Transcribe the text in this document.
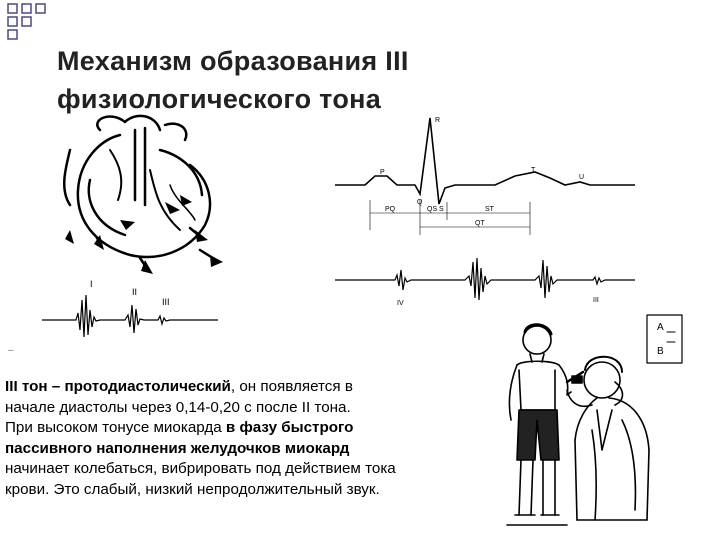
Механизм образования III
физиологического тона
I
II
III
P
Q
R
S
T
U
PQ	QS	ST
QT
IV	III
A
B
–
III тон – протодиастолический, он появляется в
начале диастолы через 0,14-0,20 с после II тона.
При высоком тонусе миокарда в фазу быстрого
пассивного наполнения желудочков миокард
начинает колебаться, вибрировать под действием тока
крови. Это слабый, низкий непродолжительный звук.
